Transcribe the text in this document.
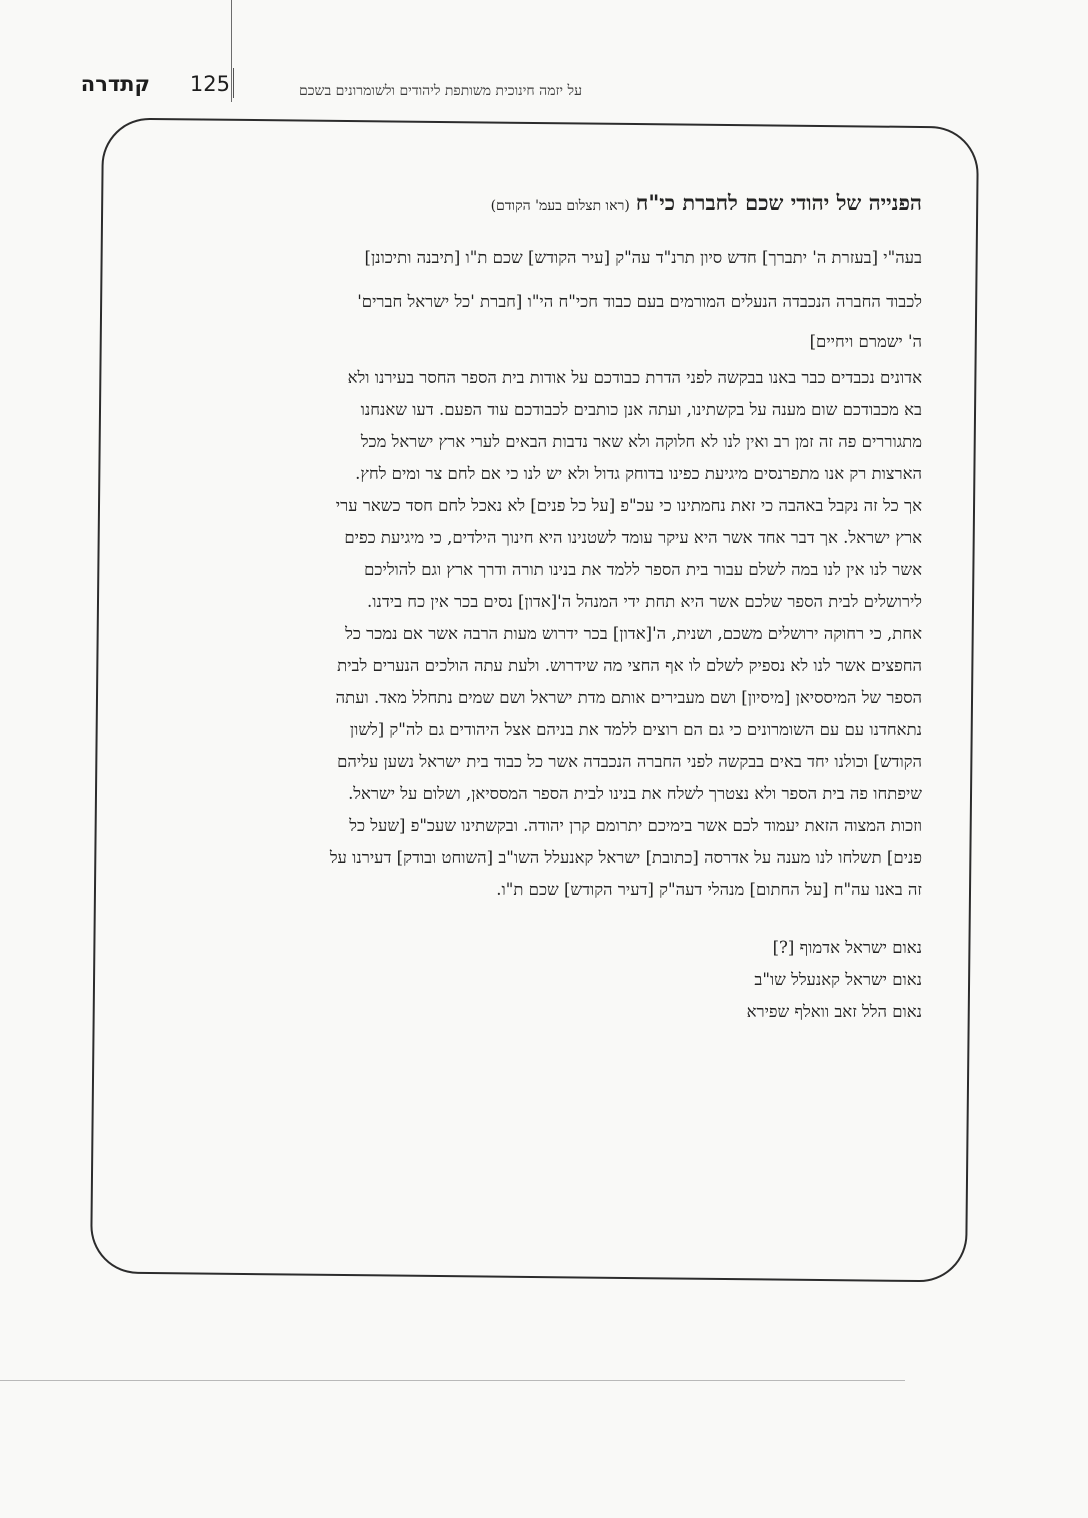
קתדרה 125	על יזמה חינוכית משותפת ליהודים ולשומרונים בשכם
הפנייה של יהודי שכם לחברת כי"ח(ראו תצלום בעמ' הקודם)
בעה"י [בעזרת ה' יתברך] חדש סיון תרנ"ד עה"ק [עיר הקודש] שכם ת"ו [תיבנה ותיכונן]
לכבוד החברה הנכבדה הנעלים המורמים בעם כבוד חכי"ח הי"ו [חברת 'כל ישראל חברים'
ה' ישמרם ויחיים]
אדונים נכבדים כבר באנו בבקשה לפני הדרת כבודכם על אודות בית הספר החסר בעירנו ולא
בא מכבודכם שום מענה על בקשתינו, ועתה אנן כותבים לכבודכם עוד הפעם. דעו שאנחנו
מתגוררים פה זה זמן רב ואין לנו לא חלוקה ולא שאר נדבות הבאים לערי ארץ ישראל מכל
הארצות רק אנו מתפרנסים מיגיעת כפינו בדוחק גדול ולא יש לנו כי אם לחם צר ומים לחץ.
אך כל זה נקבל באהבה כי זאת נחמתינו כי עכ"פ [על כל פנים] לא נאכל לחם חסד כשאר ערי
ארץ ישראל. אך דבר אחד אשר היא עיקר עומד לשטנינו היא חינוך הילדים, כי מיגיעת כפים
אשר לנו אין לנו במה לשלם עבור בית הספר ללמד את בנינו תורה ודרך ארץ וגם להוליכם
לירושלים לבית הספר שלכם אשר היא תחת ידי המנהל ה'[אדון] נסים בכר אין כח בידנו.
אחת, כי רחוקה ירושלים משכם, ושנית, ה'[אדון] בכר ידרוש מעות הרבה אשר אם נמכר כל
החפצים אשר לנו לא נספיק לשלם לו אף החצי מה שידרוש. ולעת עתה הולכים הנערים לבית
הספר של המיססיאן [מיסיון] ושם מעבירים אותם מדת ישראל ושם שמים נתחלל מאד. ועתה
נתאחדנו עם עם השומרונים כי גם הם רוצים ללמד את בניהם אצל היהודים גם לה"ק [לשון
הקודש] וכולנו יחד באים בבקשה לפני החברה הנכבדה אשר כל כבוד בית ישראל נשען עליהם
שיפתחו פה בית הספר ולא נצטרך לשלח את בנינו לבית הספר המססיאן, ושלום על ישראל.
וזכות המצוה הזאת יעמוד לכם אשר בימיכם יתרומם קרן יהודה. ובקשתינו שעכ"פ [שעל כל
פנים] תשלחו לנו מענה על אדרסה [כתובת] ישראל קאנעלל השו"ב [השוחט ובודק] דעירנו על
זה באנו עה"ח [על החתום] מנהלי דעה"ק [דעיר הקודש] שכם ת"ו.
נאום ישראל אדמוף [?]
נאום ישראל קאנעלל שו"ב
נאום הלל זאב וואלף שפירא
